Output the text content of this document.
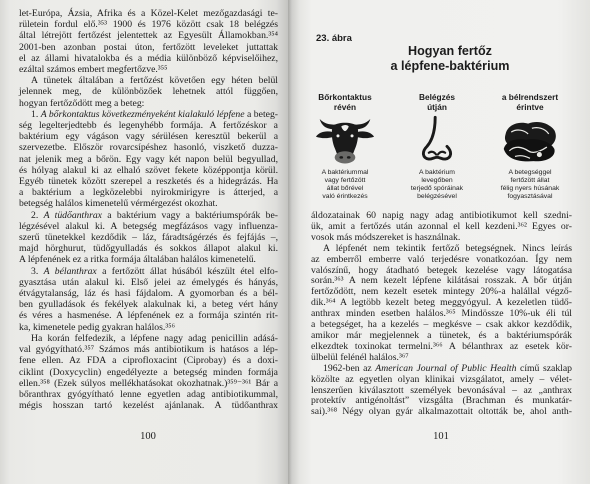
100	101
let-Európa, Ázsia, Afrika és a Közel-Kelet mezőgazdasági te-
rületein fordul elő.³⁵³ 1900 és 1976 között csak 18 belégzés
által létrejött fertőzést jelentettek az Egyesült Államokban.³⁵⁴
2001-ben azonban postai úton, fertőzött leveleket juttattak
el az állami hivatalokba és a média különböző képviselőihez,
ezáltal számos embert megfertőzve.³⁵⁵
A tünetek általában a fertőzést követően egy héten belül
jelennek meg, de különbözőek lehetnek attól függően,
hogyan fertőződött meg a beteg:
1. A bőrkontaktus következményeként kialakuló lépfene a beteg-
ség legelterjedtebb és legenyhébb formája. A fertőzéskor a
baktérium egy vágáson vagy sérülésen keresztül bekerül a
szervezetbe. Először rovarcsípéshez hasonló, viszkető duzza-
nat jelenik meg a bőrön. Egy vagy két napon belül begyullad,
és hólyag alakul ki az elhaló szövet fekete középpontja körül.
Egyéb tünetek között szerepel a reszketés és a hidegrázás. Ha
a baktérium a legközelebbi nyirokmirigyre is átterjed, a
betegség halálos kimenetelű vérmérgezést okozhat.
2. A tüdőanthrax a baktérium vagy a baktériumspórák be-
légzésével alakul ki. A betegség megfázásos vagy influenza-
szerű tünetekkel kezdődik – láz, fáradtságérzés és fejfájás –,
majd hörghurut, tüdőgyulladás és sokkos állapot alakul ki.
A lépfenének ez a ritka formája általában halálos kimenetelű.
3. A bélanthrax a fertőzött állat húsából készült étel elfo-
gyasztása után alakul ki. Első jelei az émelygés és hányás,
étvágytalanság, láz és hasi fájdalom. A gyomorban és a bél-
ben gyulladások és fekélyek alakulnak ki, a beteg vért hány
és véres a hasmenése. A lépfenének ez a formája szintén rit-
ka, kimenetele pedig gyakran halálos.³⁵⁶
Ha korán felfedezik, a lépfene nagy adag penicillin adásá-
val gyógyítható.³⁵⁷ Számos más antibiotikum is hatásos a lép-
fene ellen. Az FDA a ciprofloxacint (Ciprobay) és a doxi-
ciklint (Doxycyclin) engedélyezte a betegség minden formája
ellen.³⁵⁸ (Ezek súlyos mellékhatásokat okozhatnak.)³⁵⁹⁻³⁶¹ Bár a
bőranthrax gyógyítható lenne egyetlen adag antibiotikummal,
mégis hosszan tartó kezelést ajánlanak. A tüdőanthrax
áldozatainak 60 napig nagy adag antibiotikumot kell szedni-
ük, amit a fertőzés után azonnal el kell kezdeni.³⁶² Egyes or-
vosok más módszereket is használnak.
A lépfenét nem tekintik fertőző betegségnek. Nincs leírás
az emberről emberre való terjedésre vonatkozóan. Így nem
valószínű, hogy átadható betegek kezelése vagy látogatása
során.³⁶³ A nem kezelt lépfene kilátásai rosszak. A bőr útján
fertőződött, nem kezelt esetek mintegy 20%-a halállal végző-
dik.³⁶⁴ A legtöbb kezelt beteg meggyógyul. A kezeletlen tüdő-
anthrax minden esetben halálos.³⁶⁵ Mindössze 10%-uk éli túl
a betegséget, ha a kezelés – megkésve – csak akkor kezdődik,
amikor már megjelennek a tünetek, és a baktériumspórák
elkezdtek toxinokat termelni.³⁶⁶ A bélanthrax az esetek kör-
ülbelül felénél halálos.³⁶⁷
1962-ben az American Journal of Public Health című szaklap
közölte az egyetlen olyan klinikai vizsgálatot, amely – vélet-
lenszerűen kiválasztott személyek bevonásával – az „anthrax
protektív antigénoltást” vizsgálta (Brachman és munkatár-
sai).³⁶⁸ Négy olyan gyár alkalmazottait oltották be, ahol anth-
23. ábra
Hogyan fertőz
a lépfene-baktérium
Bőrkontaktus
révén
A baktériummal
vagy fertőzött
állat bőrével
való érintkezés
Belégzés
útján
A baktérium
levegőben
terjedő spóráinak
belégzésével
a bélrendszert
érintve
A betegséggel
fertőzött állat
félig nyers húsának
fogyasztásával
